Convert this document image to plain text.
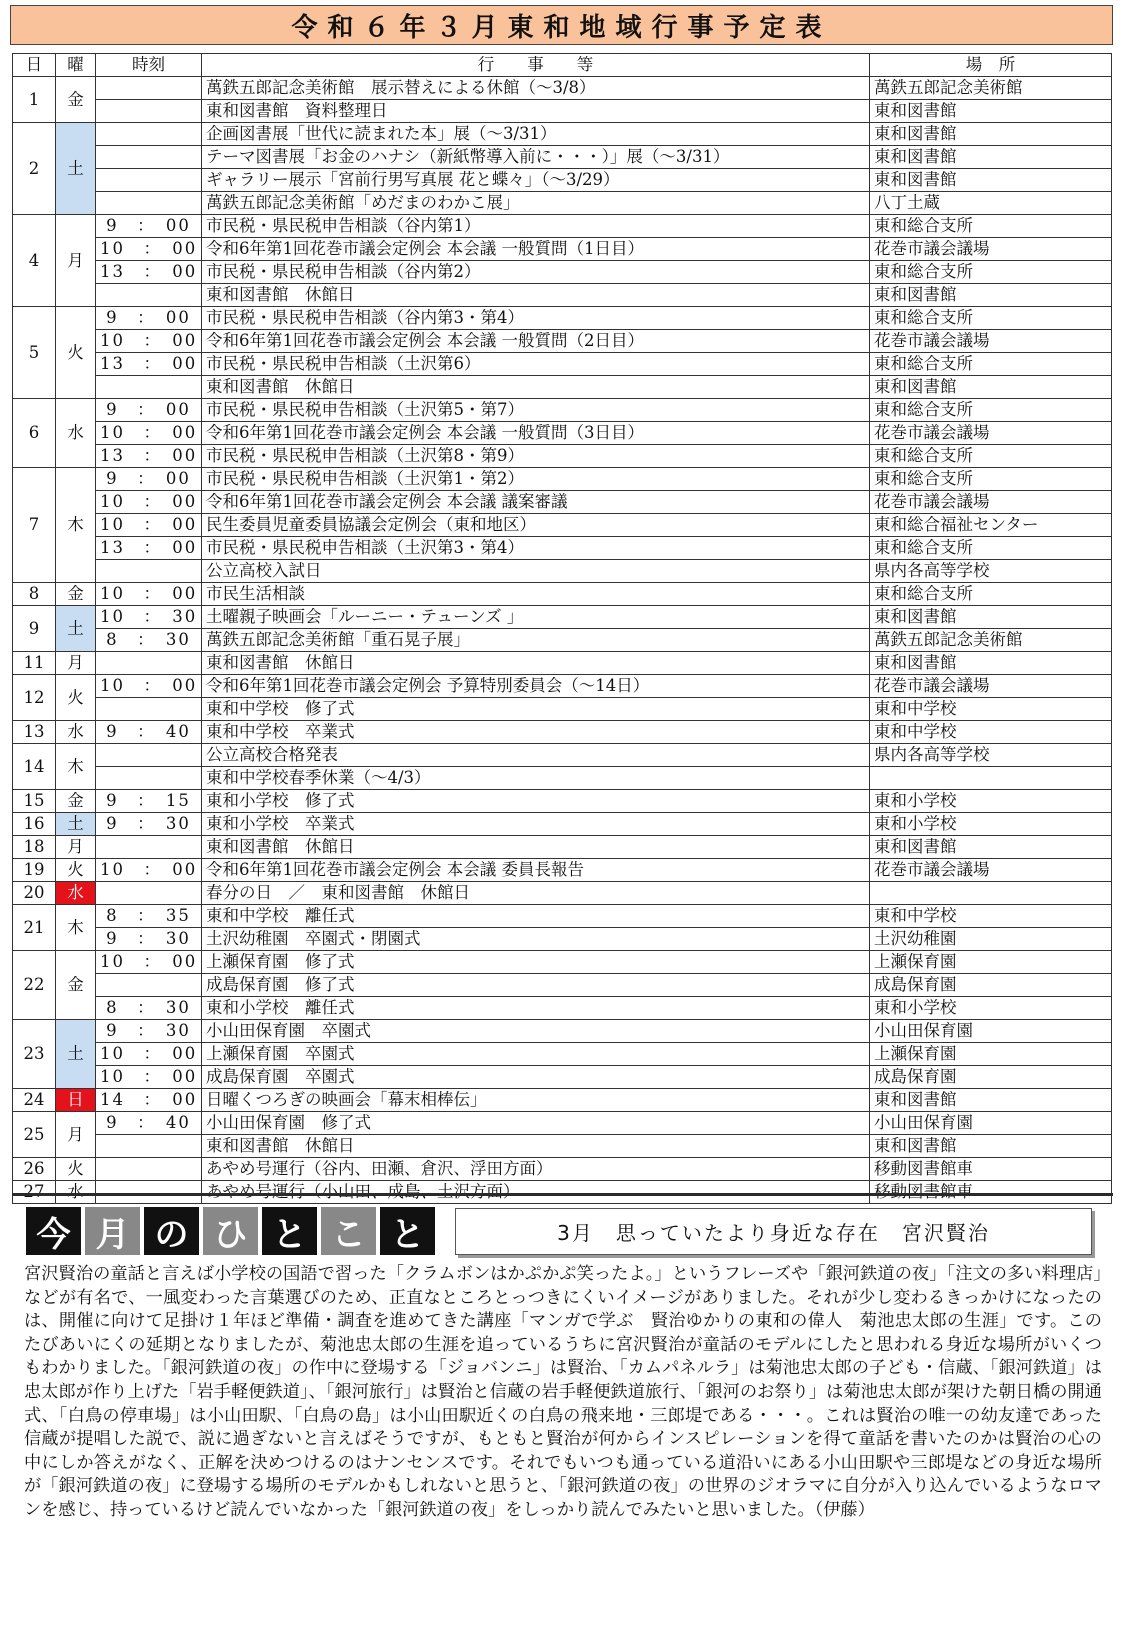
令和６年３月東和地域行事予定表
日	曜	時刻	行　　事　　等	場　所
1	金		萬鉄五郎記念美術館　展示替えによる休館（～3/8）	萬鉄五郎記念美術館
			東和図書館　資料整理日	東和図書館
2	土		企画図書展「世代に読まれた本」展（～3/31）	東和図書館
			テーマ図書展「お金のハナシ（新紙幣導入前に・・・）」展（～3/31）	東和図書館
			ギャラリー展示「宮前行男写真展 花と蝶々」（～3/29）	東和図書館
			萬鉄五郎記念美術館「めだまのわかこ展」	八丁土蔵
4	月	9　：　00	市民税・県民税申告相談（谷内第1）	東和総合支所
		10　：　00	令和6年第1回花巻市議会定例会 本会議 一般質問（1日目）	花巻市議会議場
		13　：　00	市民税・県民税申告相談（谷内第2）	東和総合支所
			東和図書館　休館日	東和図書館
5	火	9　：　00	市民税・県民税申告相談（谷内第3・第4）	東和総合支所
		10　：　00	令和6年第1回花巻市議会定例会 本会議 一般質問（2日目）	花巻市議会議場
		13　：　00	市民税・県民税申告相談（土沢第6）	東和総合支所
			東和図書館　休館日	東和図書館
6	水	9　：　00	市民税・県民税申告相談（土沢第5・第7）	東和総合支所
		10　：　00	令和6年第1回花巻市議会定例会 本会議 一般質問（3日目）	花巻市議会議場
		13　：　00	市民税・県民税申告相談（土沢第8・第9）	東和総合支所
7	木	9　：　00	市民税・県民税申告相談（土沢第1・第2）	東和総合支所
		10　：　00	令和6年第1回花巻市議会定例会 本会議 議案審議	花巻市議会議場
		10　：　00	民生委員児童委員協議会定例会（東和地区）	東和総合福祉センター
		13　：　00	市民税・県民税申告相談（土沢第3・第4）	東和総合支所
			公立高校入試日	県内各高等学校
8	金	10　：　00	市民生活相談	東和総合支所
9	土	10　：　30	土曜親子映画会「ルーニー・テューンズ 」	東和図書館
		8　：　30	萬鉄五郎記念美術館「重石晃子展」	萬鉄五郎記念美術館
11	月		東和図書館　休館日	東和図書館
12	火	10　：　00	令和6年第1回花巻市議会定例会 予算特別委員会（～14日）	花巻市議会議場
			東和中学校　修了式	東和中学校
13	水	9　：　40	東和中学校　卒業式	東和中学校
14	木		公立高校合格発表	県内各高等学校
			東和中学校春季休業（～4/3）	
15	金	9　：　15	東和小学校　修了式	東和小学校
16	土	9　：　30	東和小学校　卒業式	東和小学校
18	月		東和図書館　休館日	東和図書館
19	火	10　：　00	令和6年第1回花巻市議会定例会 本会議 委員長報告	花巻市議会議場
20	水		春分の日　／　東和図書館　休館日	
21	木	8　：　35	東和中学校　離任式	東和中学校
		9　：　30	土沢幼稚園　卒園式・閉園式	土沢幼稚園
22	金	10　：　00	上瀬保育園　修了式	上瀬保育園
			成島保育園　修了式	成島保育園
		8　：　30	東和小学校　離任式	東和小学校
23	土	9　：　30	小山田保育園　卒園式	小山田保育園
		10　：　00	上瀬保育園　卒園式	上瀬保育園
		10　：　00	成島保育園　卒園式	成島保育園
24	日	14　：　00	日曜くつろぎの映画会「幕末相棒伝」	東和図書館
25	月	9　：　40	小山田保育園　修了式	小山田保育園
			東和図書館　休館日	東和図書館
26	火		あやめ号運行（谷内、田瀬、倉沢、浮田方面）	移動図書館車
27	水		あやめ号運行（小山田、成島、土沢方面）	移動図書館車
今 月 の ひ と こ と	3月　思っていたより身近な存在　宮沢賢治

宮沢賢治の童話と言えば小学校の国語で習った「クラムボンはかぷかぷ笑ったよ。」というフレーズや「銀河鉄道の夜」「注文の多い料理店」などが有名で、一風変わった言葉選びのため、正直なところとっつきにくいイメージがありました。それが少し変わるきっかけになったのは、開催に向けて足掛け１年ほど準備・調査を進めてきた講座「マンガで学ぶ　賢治ゆかりの東和の偉人　菊池忠太郎の生涯」です。このたびあいにくの延期となりましたが、菊池忠太郎の生涯を追っているうちに宮沢賢治が童話のモデルにしたと思われる身近な場所がいくつもわかりました。「銀河鉄道の夜」の作中に登場する「ジョバンニ」は賢治、「カムパネルラ」は菊池忠太郎の子ども・信蔵、「銀河鉄道」は忠太郎が作り上げた「岩手軽便鉄道」、「銀河旅行」は賢治と信蔵の岩手軽便鉄道旅行、「銀河のお祭り」は菊池忠太郎が架けた朝日橋の開通式、「白鳥の停車場」は小山田駅、「白鳥の島」は小山田駅近くの白鳥の飛来地・三郎堤である・・・。これは賢治の唯一の幼友達であった信蔵が提唱した説で、説に過ぎないと言えばそうですが、もともと賢治が何からインスピレーションを得て童話を書いたのかは賢治の心の中にしか答えがなく、正解を決めつけるのはナンセンスです。それでもいつも通っている道沿いにある小山田駅や三郎堤などの身近な場所が「銀河鉄道の夜」に登場する場所のモデルかもしれないと思うと、「銀河鉄道の夜」の世界のジオラマに自分が入り込んでいるようなロマンを感じ、持っているけど読んでいなかった「銀河鉄道の夜」をしっかり読んでみたいと思いました。（伊藤）
